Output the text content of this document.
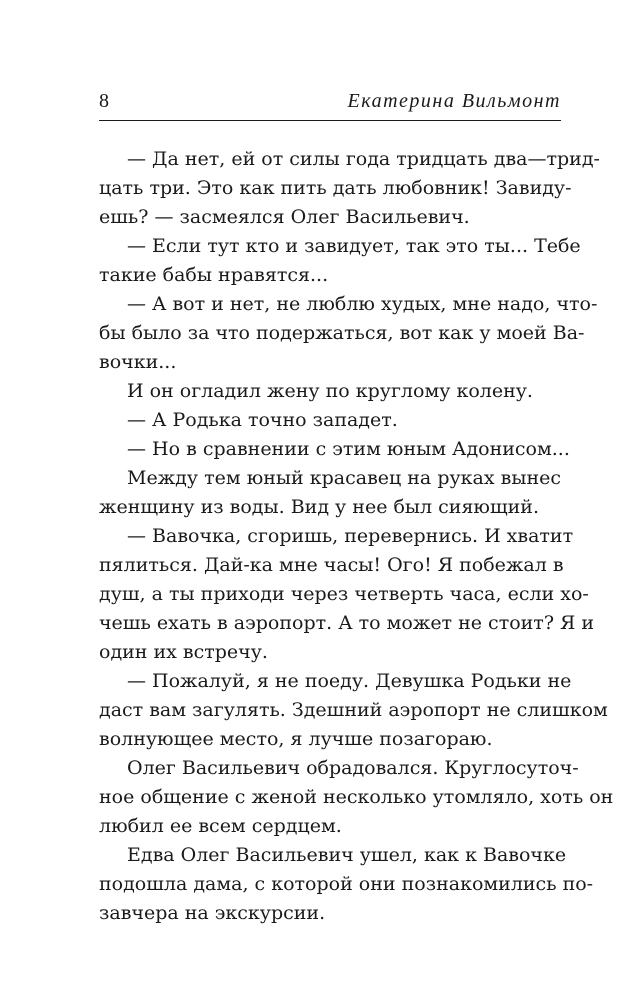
8	Екатерина Вильмонт
— Да нет, ей от силы года тридцать два—трид-
цать три. Это как пить дать любовник! Завиду-
ешь? — засмеялся Олег Васильевич.
— Если тут кто и завидует, так это ты... Тебе
такие бабы нравятся...
— А вот и нет, не люблю худых, мне надо, что-
бы было за что подержаться, вот как у моей Ва-
вочки...
И он огладил жену по круглому колену.
— А Родька точно западет.
— Но в сравнении с этим юным Адонисом...
Между тем юный красавец на руках вынес
женщину из воды. Вид у нее был сияющий.
— Вавочка, сгоришь, перевернись. И хватит
пялиться. Дай-ка мне часы! Ого! Я побежал в
душ, а ты приходи через четверть часа, если хо-
чешь ехать в аэропорт. А то может не стоит? Я и
один их встречу.
— Пожалуй, я не поеду. Девушка Родьки не
даст вам загулять. Здешний аэропорт не слишком
волнующее место, я лучше позагораю.
Олег Васильевич обрадовался. Круглосуточ-
ное общение с женой несколько утомляло, хоть он
любил ее всем сердцем.
Едва Олег Васильевич ушел, как к Вавочке
подошла дама, с которой они познакомились по-
завчера на экскурсии.
